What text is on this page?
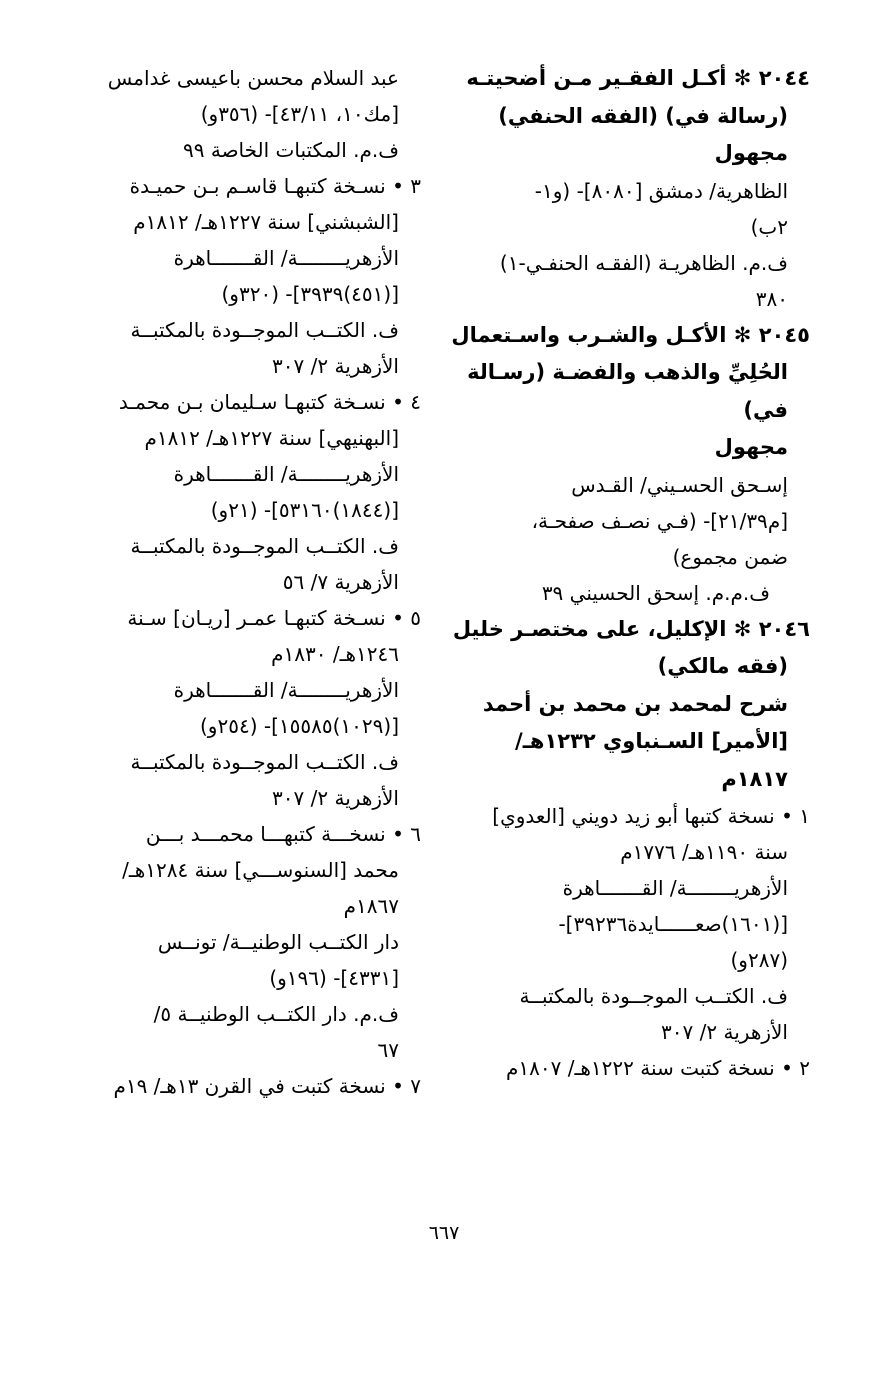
٢٠٤٤ ✻ أكـل الفقـير مـن أضحيتـه
(رسالة في) (الفقه الحنفي)
مجهول
الظاهرية/ دمشق [٨٠٨٠]- (و١-
٢ب)
ف.م. الظاهريـة (الفقـه الحنفـي-١)
٣٨٠
٢٠٤٥ ✻ الأكـل والشـرب واسـتعمال
الحُلِيِّ والذهب والفضـة (رسـالة
في)
مجهول
إسـحق الحسـيني/ القـدس
[م٢١/٣٩]- (فـي نصـف صفحـة،
ضمن مجموع)
ف.م.م. إسحق الحسيني ٣٩
٢٠٤٦ ✻ الإكليل، على مختصـر خليل
(فقه مالكي)
شرح لمحمد بن محمد بن أحمد
[الأمير] السـنباوي ١٢٣٢هـ/
١٨١٧م
١ • نسخة كتبها أبو زيد دويني [العدوي]
سنة ١١٩٠هـ/ ١٧٧٦م
الأزهريــــــــة/ القـــــــاهرة
[(١٦٠١)صعــــــايدة٣٩٢٣٦]-
(٢٨٧و)
ف. الكتــب الموجــودة بالمكتبــة
الأزهرية ٢/ ٣٠٧
٢ • نسخة كتبت سنة ١٢٢٢هـ/ ١٨٠٧م
عبد السلام محسن باعيسى غدامس
[مك١٠، ٤٣/١١]- (٣٥٦و)
ف.م. المكتبات الخاصة ٩٩
٣ • نسـخة كتبهـا قاسـم بـن حميـدة
[الشبشني] سنة ١٢٢٧هـ/ ١٨١٢م
الأزهريــــــــة/ القـــــــاهرة
[(٤٥١)٣٩٣٩]- (٣٢٠و)
ف. الكتــب الموجــودة بالمكتبــة
الأزهرية ٢/ ٣٠٧
٤ • نسـخة كتبهـا سـليمان بـن محمـد
[البهنيهي] سنة ١٢٢٧هـ/ ١٨١٢م
الأزهريــــــــة/ القـــــــاهرة
[(١٨٤٤)٥٣١٦٠]- (٢١و)
ف. الكتــب الموجــودة بالمكتبــة
الأزهرية ٧/ ٥٦
٥ • نسـخة كتبهـا عمـر [ريـان] سـنة
١٢٤٦هـ/ ١٨٣٠م
الأزهريــــــــة/ القـــــــاهرة
[(١٠٢٩)١٥٥٨٥]- (٢٥٤و)
ف. الكتــب الموجــودة بالمكتبــة
الأزهرية ٢/ ٣٠٧
٦ • نسخـــة كتبهـــا محمـــد بـــن
محمد [السنوســـي] سنة ١٢٨٤هـ/
١٨٦٧م
دار الكتــب الوطنيــة/ تونــس
[٤٣٣١]- (١٩٦و)
ف.م. دار الكتــب الوطنيــة ٥/
٦٧
٧ • نسخة كتبت في القرن ١٣هـ/ ١٩م
٦٦٧
